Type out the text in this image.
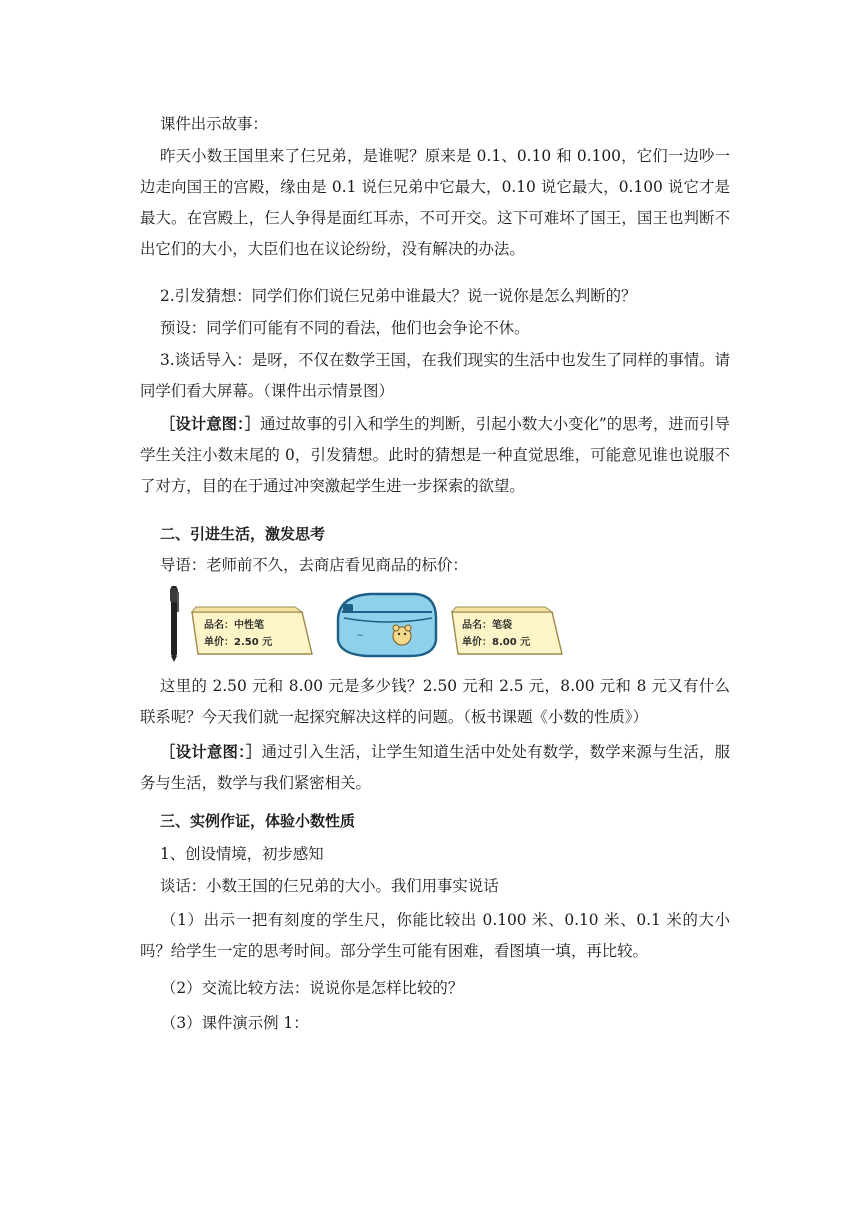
课件出示故事：

昨天小数王国里来了仨兄弟，是谁呢？原来是 0.1、0.10 和 0.100，它们一边吵一边走向国王的宫殿，缘由是 0.1 说仨兄弟中它最大，0.10 说它最大，0.100 说它才是最大。在宫殿上，仨人争得是面红耳赤，不可开交。这下可难坏了国王，国王也判断不出它们的大小，大臣们也在议论纷纷，没有解决的办法。

2.引发猜想：同学们你们说仨兄弟中谁最大？说一说你是怎么判断的？

预设：同学们可能有不同的看法，他们也会争论不休。

3.谈话导入：是呀，不仅在数学王国，在我们现实的生活中也发生了同样的事情。请同学们看大屏幕。（课件出示情景图）

［设计意图：］通过故事的引入和学生的判断，引起小数大小变化”的思考，进而引导学生关注小数末尾的 0，引发猜想。此时的猜想是一种直觉思维，可能意见谁也说服不了对方，目的在于通过冲突激起学生进一步探索的欲望。

二、引进生活，激发思考

导语：老师前不久，去商店看见商品的标价：

品名：中性笔
单价：2.50 元
~
品名：笔袋
单价：8.00 元

这里的 2.50 元和 8.00 元是多少钱？2.50 元和 2.5 元，8.00 元和 8 元又有什么联系呢？今天我们就一起探究解决这样的问题。（板书课题《小数的性质》）

［设计意图：］通过引入生活，让学生知道生活中处处有数学，数学来源与生活，服务与生活，数学与我们紧密相关。

三、实例作证，体验小数性质

1、创设情境，初步感知

谈话：小数王国的仨兄弟的大小。我们用事实说话

（1）出示一把有刻度的学生尺，你能比较出 0.100 米、0.10 米、0.1 米的大小吗？给学生一定的思考时间。部分学生可能有困难，看图填一填，再比较。

（2）交流比较方法：说说你是怎样比较的？

（3）课件演示例 1：
